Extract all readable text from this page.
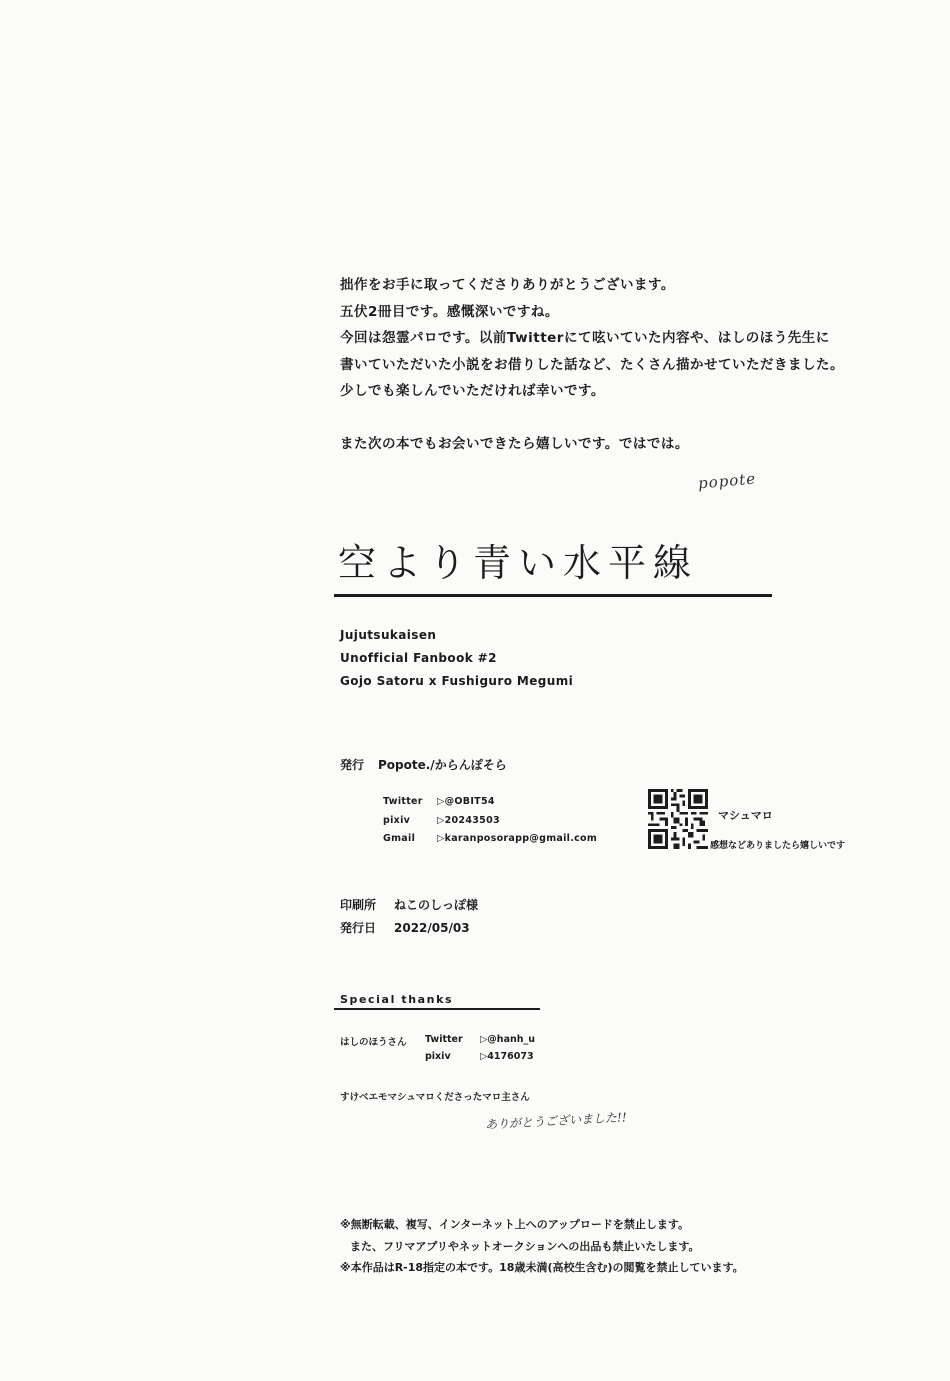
拙作をお手に取ってくださりありがとうございます。
五伏2冊目です。感慨深いですね。
今回は怨霊パロです。以前Twitterにて呟いていた内容や、はしのほう先生に
書いていただいた小説をお借りした話など、たくさん描かせていただきました。
少しでも楽しんでいただければ幸いです。
また次の本でもお会いできたら嬉しいです。ではでは。
popote
空より青い水平線
Jujutsukaisen
Unofficial Fanbook #2
Gojo Satoru x Fushiguro Megumi
発行 Popote./からんぽそら
Twitter ▷@OBIT54
pixiv	▷20243503
Gmail ▷karanposorapp@gmail.com
マシュマロ
感想などありましたら嬉しいです
印刷所 ねこのしっぽ様
発行日 2022/05/03
Special thanks
はしのほうさん Twitter ▷@hanh_u
pixiv	▷4176073
すけべエモマシュマロくださったマロ主さん
ありがとうございました!!
※無断転載、複写、インターネット上へのアップロードを禁止します。
また、フリマアプリやネットオークションへの出品も禁止いたします。
※本作品はR-18指定の本です。18歳未満(高校生含む)の閲覧を禁止しています。
